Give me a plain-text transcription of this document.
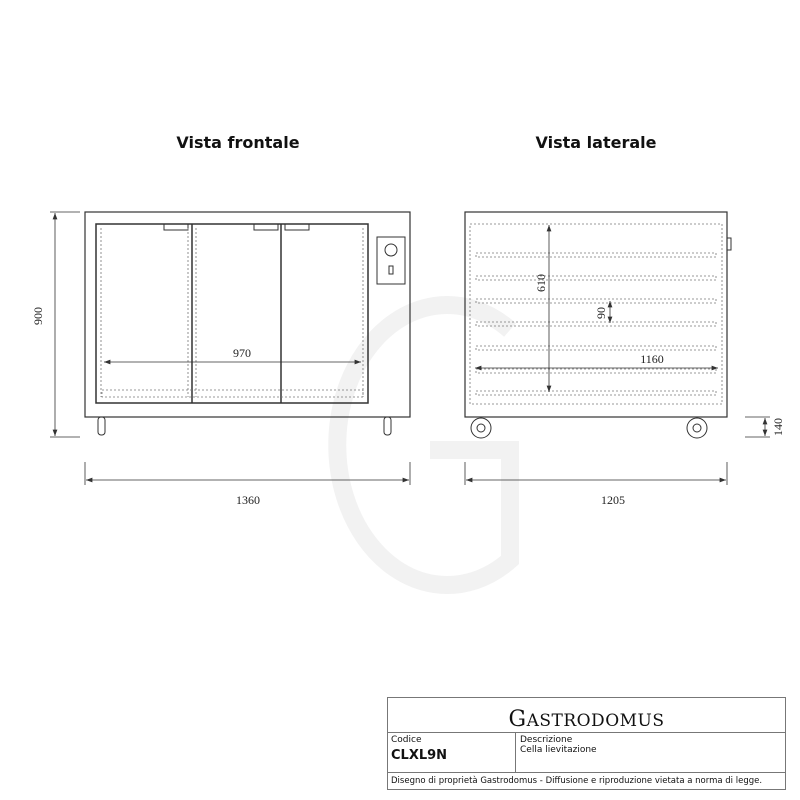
Vista frontale	Vista laterale
900
1360	1205
140
970	1160
610
90
GASTRODOMUS
Codice
CLXL9N
Descrizione
Cella lievitazione
Disegno di proprietà Gastrodomus - Diffusione e riproduzione vietata a norma di legge.
